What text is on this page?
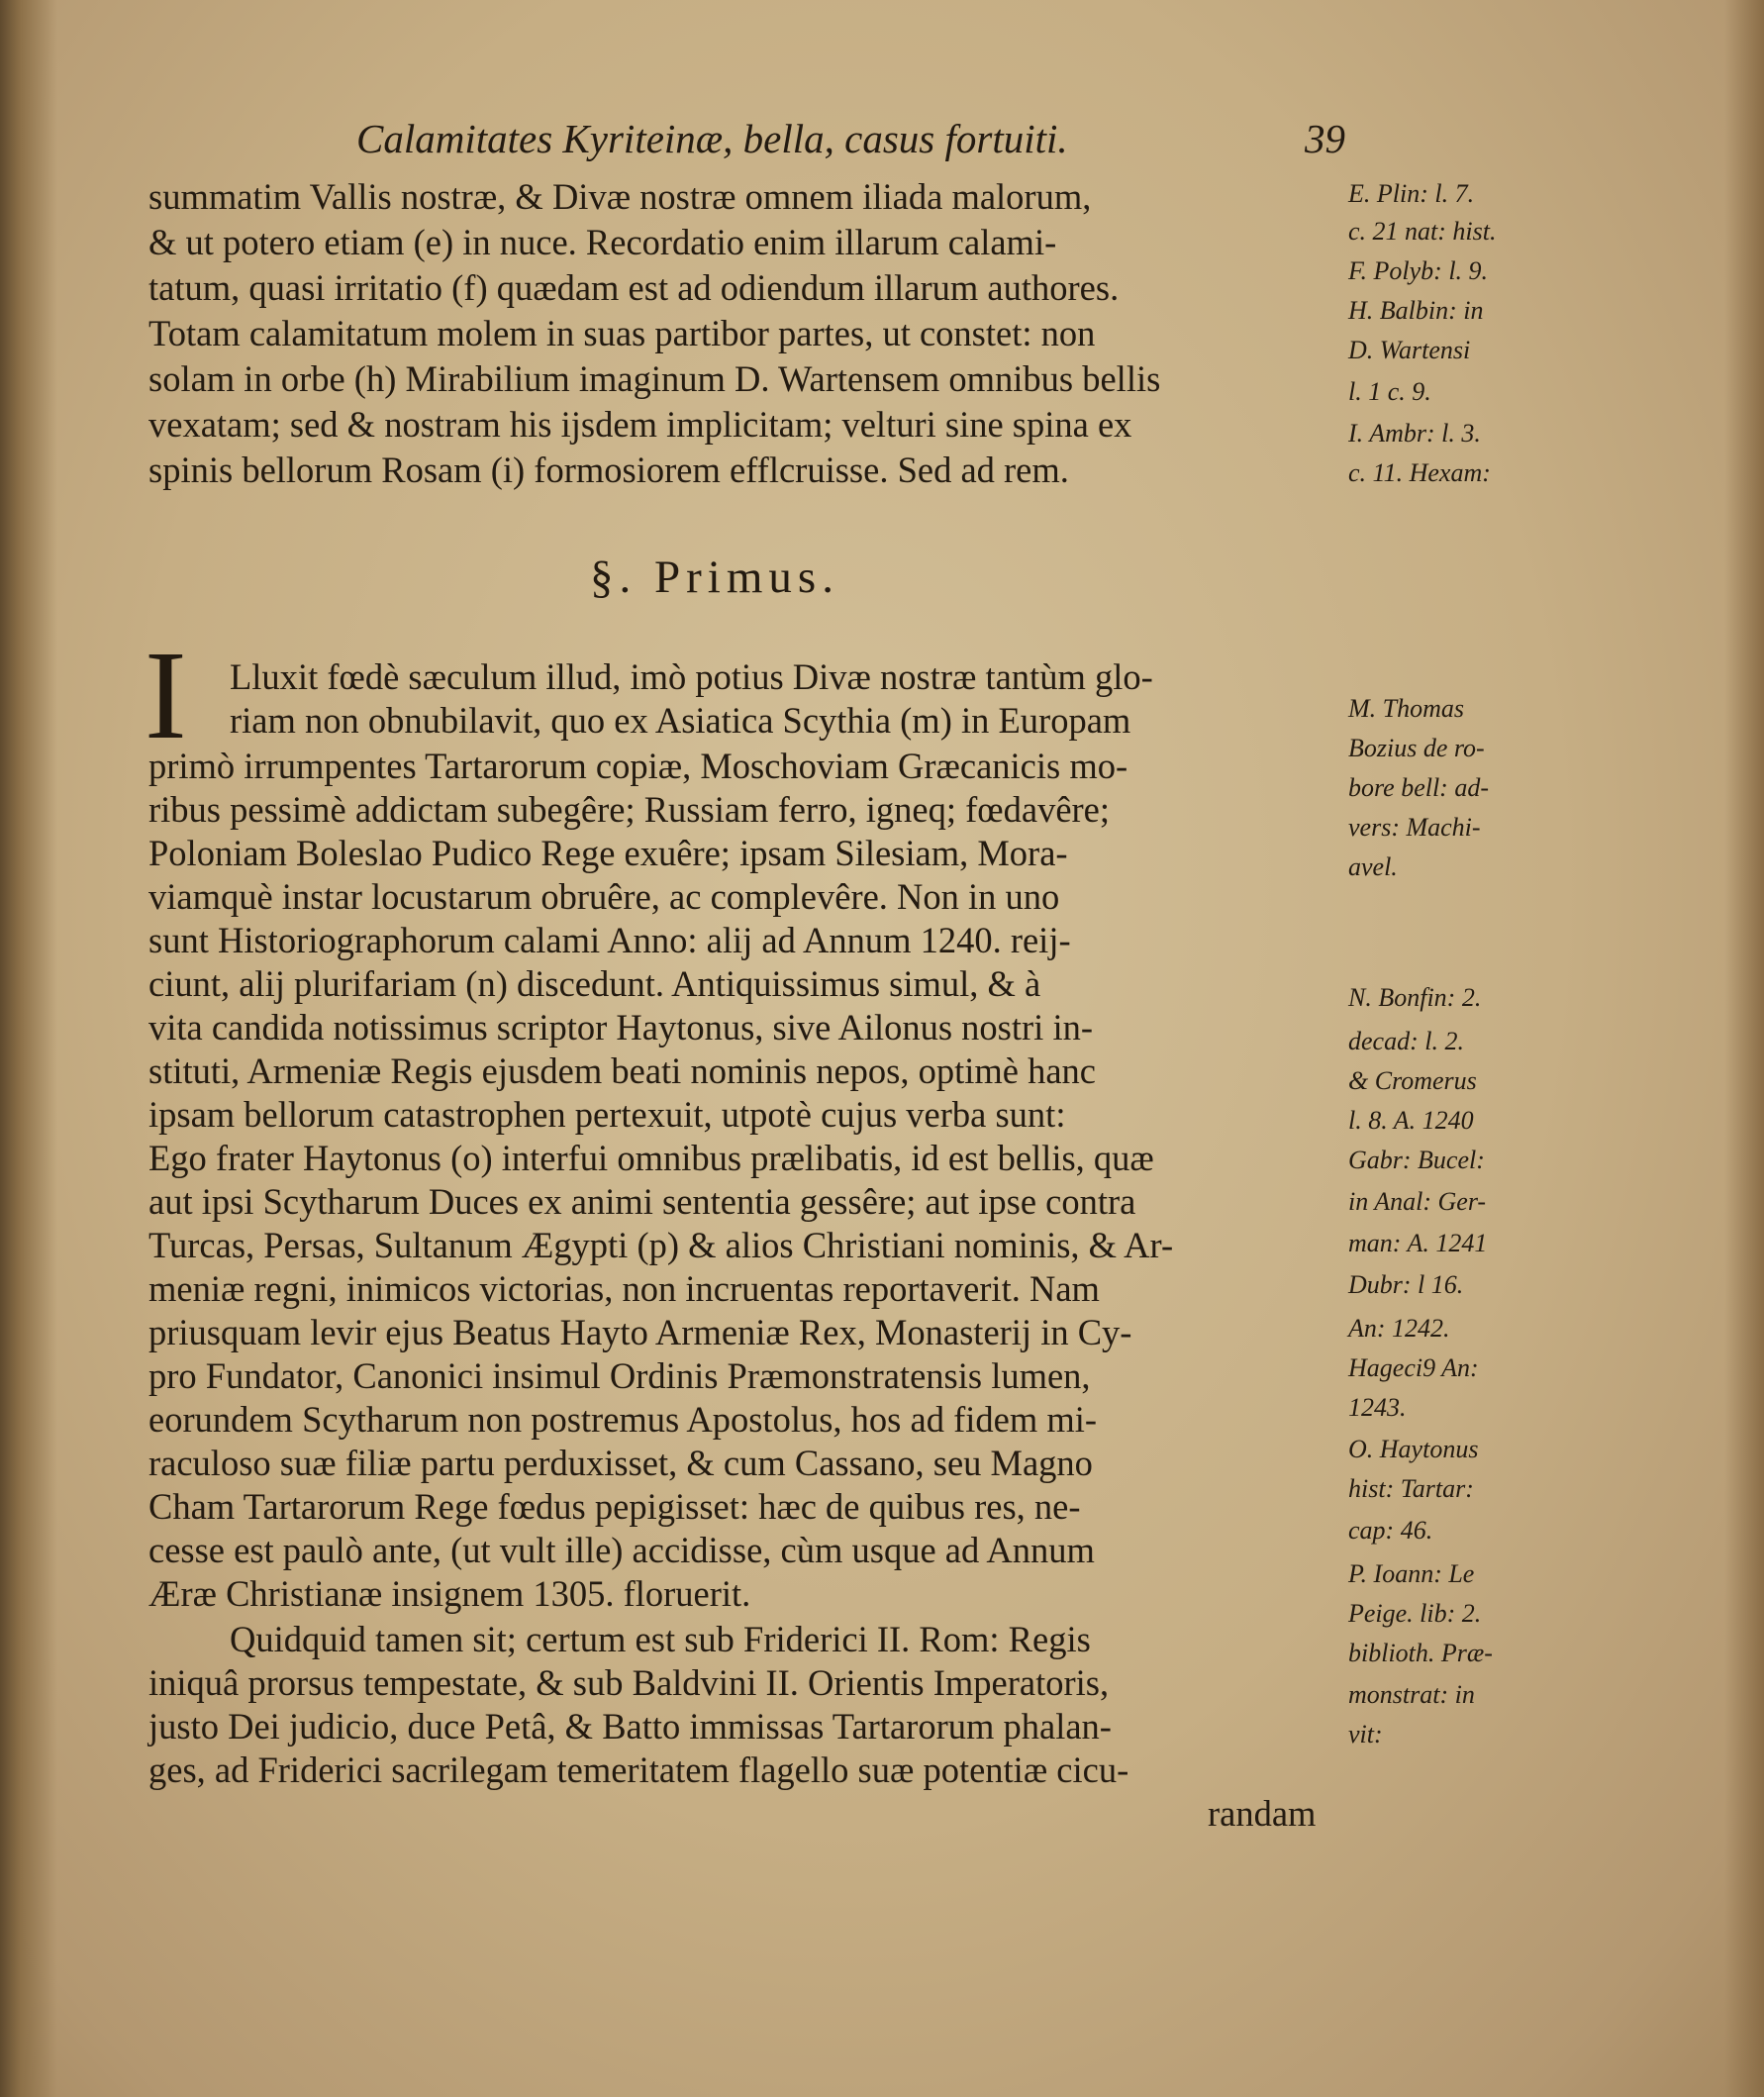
Calamitates Kyriteinæ, bella, casus fortuiti.	39
summatim Vallis nostræ, & Divæ nostræ omnem iliada malorum,
& ut potero etiam (e) in nuce. Recordatio enim illarum calami-
tatum, quasi irritatio (f) quædam est ad odiendum illarum authores.
Totam calamitatum molem in suas partibor partes, ut constet: non
solam in orbe (h) Mirabilium imaginum D. Wartensem omnibus bellis
vexatam; sed & nostram his ijsdem implicitam; velturi sine spina ex
spinis bellorum Rosam (i) formosiorem efflcruisse. Sed ad rem.
E. Plin: l. 7.
c. 21 nat: hist.
F. Polyb: l. 9.
H. Balbin: in
D. Wartensi
l. 1 c. 9.
I. Ambr: l. 3.
c. 11. Hexam:
§. Primus.
I Lluxit fœdè sæculum illud, imò potius Divæ nostræ tantùm glo-
riam non obnubilavit, quo ex Asiatica Scythia (m) in Europam
primò irrumpentes Tartarorum copiæ, Moschoviam Græcanicis mo-
ribus pessimè addictam subegêre; Russiam ferro, igneq; fœdavêre;
Poloniam Boleslao Pudico Rege exuêre; ipsam Silesiam, Mora-
viamquè instar locustarum obruêre, ac complevêre. Non in uno
sunt Historiographorum calami Anno: alij ad Annum 1240. reij-
ciunt, alij plurifariam (n) discedunt. Antiquissimus simul, & à
vita candida notissimus scriptor Haytonus, sive Ailonus nostri in-
stituti, Armeniæ Regis ejusdem beati nominis nepos, optimè hanc
ipsam bellorum catastrophen pertexuit, utpotè cujus verba sunt:
Ego frater Haytonus (o) interfui omnibus prælibatis, id est bellis, quæ
aut ipsi Scytharum Duces ex animi sententia gessêre; aut ipse contra
Turcas, Persas, Sultanum Ægypti (p) & alios Christiani nominis, & Ar-
meniæ regni, inimicos victorias, non incruentas reportaverit. Nam
priusquam levir ejus Beatus Hayto Armeniæ Rex, Monasterij in Cy-
pro Fundator, Canonici insimul Ordinis Præmonstratensis lumen,
eorundem Scytharum non postremus Apostolus, hos ad fidem mi-
raculoso suæ filiæ partu perduxisset, & cum Cassano, seu Magno
Cham Tartarorum Rege fœdus pepigisset: hæc de quibus res, ne-
cesse est paulò ante, (ut vult ille) accidisse, cùm usque ad Annum
Æræ Christianæ insignem 1305. floruerit.
Quidquid tamen sit; certum est sub Friderici II. Rom: Regis
iniquâ prorsus tempestate, & sub Baldvini II. Orientis Imperatoris,
justo Dei judicio, duce Petâ, & Batto immissas Tartarorum phalan-
ges, ad Friderici sacrilegam temeritatem flagello suæ potentiæ cicu-
randam
M. Thomas
Bozius de ro-
bore bell: ad-
vers: Machi-
avel.
N. Bonfin: 2.
decad: l. 2.
& Cromerus
l. 8. A. 1240
Gabr: Bucel:
in Anal: Ger-
man: A. 1241
Dubr: l 16.
An: 1242.
Hageci9 An:
1243.
O. Haytonus
hist: Tartar:
cap: 46.
P. Ioann: Le
Peige. lib: 2.
biblioth. Præ-
monstrat: in
vit:
